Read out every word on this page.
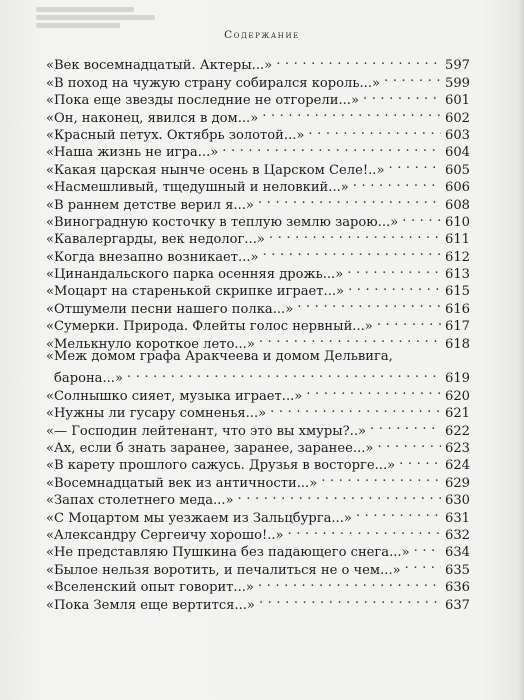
Содержание
«Век восемнадцатый. Актеры...» . . .	597
«В поход на чужую страну собирался король...» . . .	599
«Пока еще звезды последние не отгорели...» . . .	601
«Он, наконец, явился в дом...» . . .	602
«Красный петух. Октябрь золотой...» . . .	603
«Наша жизнь не игра...» . . .	604
«Какая царская нынче осень в Царском Селе!..» . . .	605
«Насмешливый, тщедушный и неловкий...» . . .	606
«В раннем детстве верил я...» . . .	608
«Виноградную косточку в теплую землю зарою...» . . .	610
«Кавалергарды, век недолог...» . . .	611
«Когда внезапно возникает...» . . .	612
«Цинандальского парка осенняя дрожь...» . . .	613
«Моцарт на старенькой скрипке играет...» . . .	615
«Отшумели песни нашего полка...» . . .	616
«Сумерки. Природа. Флейты голос нервный...» . . .	617
«Мелькнуло короткое лето...» . . .	618
«Меж домом графа Аракчеева и домом Дельвига,
барона...» . . .	619
«Солнышко сияет, музыка играет...» . . .	620
«Нужны ли гусару сомненья...» . . .	621
«— Господин лейтенант, что это вы хмуры?..» . . .	622
«Ах, если б знать заранее, заранее, заранее...» . . .	623
«В карету прошлого сажусь. Друзья в восторге...» . . .	624
«Восемнадцатый век из античности...» . . .	629
«Запах столетнего меда...» . . .	630
«С Моцартом мы уезжаем из Зальцбурга...» . . .	631
«Александру Сергеичу хорошо!..» . . .	632
«Не представляю Пушкина без падающего снега...» . . .	634
«Былое нельзя воротить, и печалиться не о чем...» . . .	635
«Вселенский опыт говорит...» . . .	636
«Пока Земля еще вертится...» . . .	637
